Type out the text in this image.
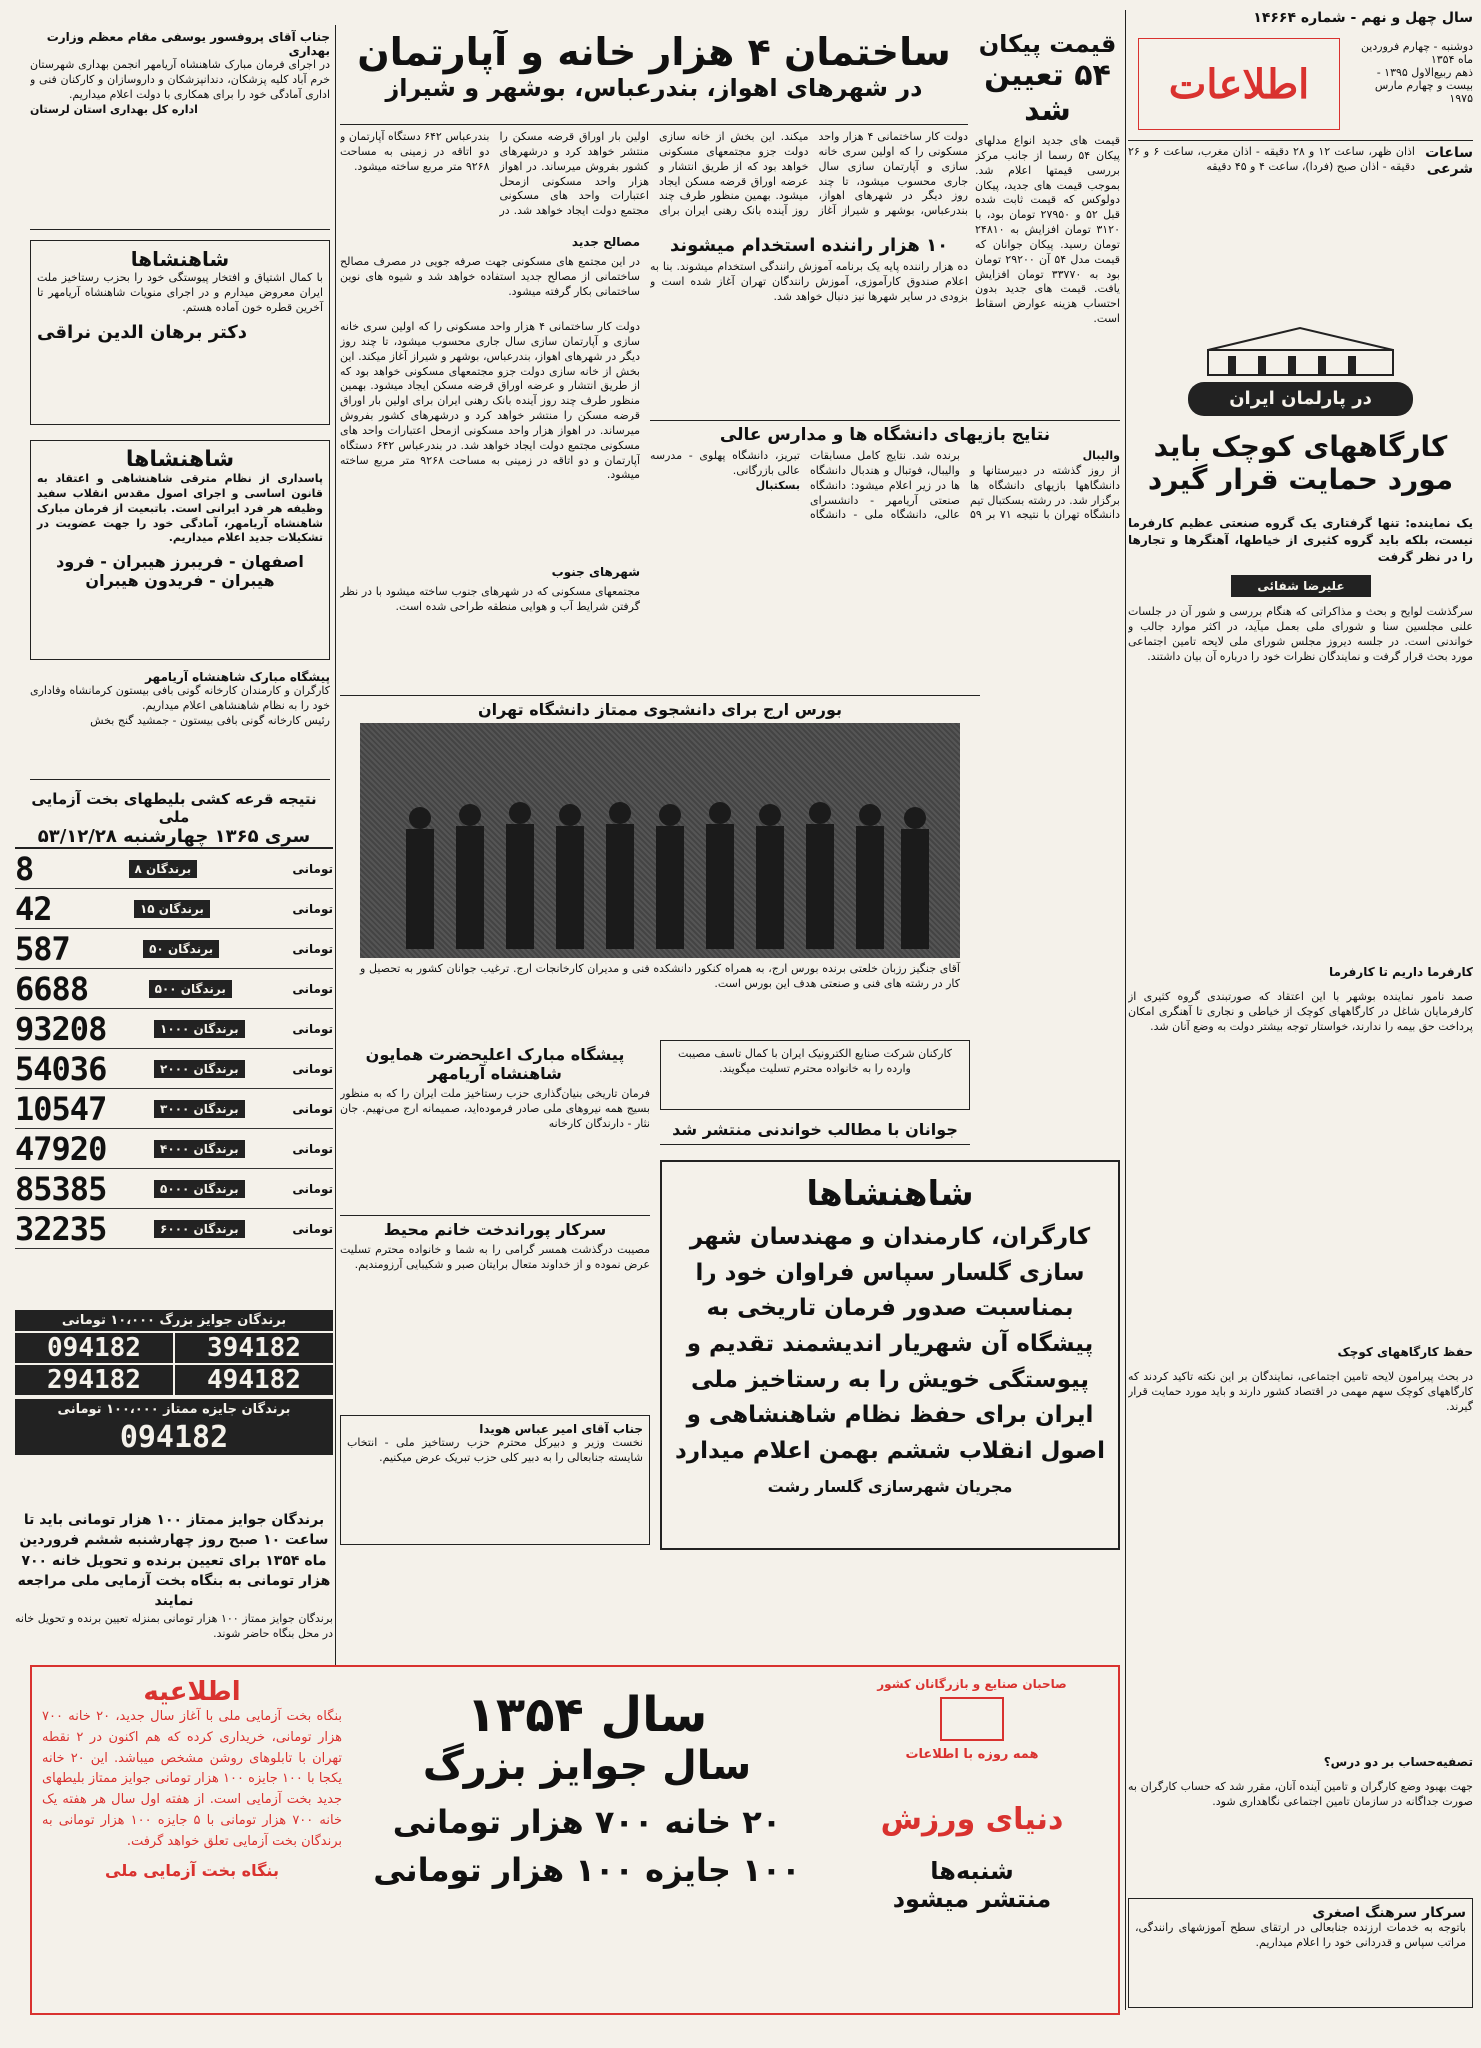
سال چهل و نهم - شماره ۱۴۶۶۴
اطلاعات
دوشنبه - چهارم فروردین ماه ۱۳۵۴
ذهم ربیع‌الاول ۱۳۹۵ - بیست و چهارم مارس ۱۹۷۵
ساعات شرعی
اذان ظهر، ساعت ۱۲ و ۲۸ دقیقه - اذان مغرب، ساعت ۶ و ۲۶ دقیقه - اذان صبح (فردا)، ساعت ۴ و ۴۵ دقیقه
در پارلمان ایران
کارگاههای کوچک باید
مورد حمایت قرار گیرد
یک نماینده: تنها گرفتاری یک گروه صنعتی عظیم کارفرما نیست، بلکه باید گروه کثیری از خیاطها، آهنگرها و تجارها را در نظر گرفت
علیرضا شفائی
سرگذشت لوایح و بحث و مذاکراتی که هنگام بررسی و شور آن در جلسات علنی مجلسین سنا و شورای ملی بعمل میآید، در اکثر موارد جالب و خواندنی است. در جلسه دیروز مجلس شورای ملی لایحه تامین اجتماعی مورد بحث قرار گرفت و نمایندگان نظرات خود را درباره آن بیان داشتند.
کارفرما داریم تا کارفرما
صمد نامور نماینده بوشهر با این اعتقاد که صورتبندی گروه کثیری از کارفرمایان شاغل در کارگاههای کوچک از خیاطی و نجاری تا آهنگری امکان پرداخت حق بیمه را ندارند، خواستار توجه بیشتر دولت به وضع آنان شد.
حفظ کارگاههای کوچک
در بحث پیرامون لایحه تامین اجتماعی، نمایندگان بر این نکته تاکید کردند که کارگاههای کوچک سهم مهمی در اقتصاد کشور دارند و باید مورد حمایت قرار گیرند.
تصفیه‌حساب بر دو درس؟
جهت بهبود وضع کارگران و تامین آینده آنان، مقرر شد که حساب کارگران به صورت جداگانه در سازمان تامین اجتماعی نگاهداری شود.
سرکار سرهنگ اصغری
باتوجه به خدمات ارزنده جنابعالی در ارتقای سطح آموزشهای رانندگی، مراتب سپاس و قدردانی خود را اعلام میداریم.
قیمت پیکان
۵۴ تعیین شد
قیمت های جدید انواع مدلهای پیکان ۵۴ رسما از جانب مرکز بررسی قیمتها اعلام شد. بموجب قیمت های جدید، پیکان دولوکس که قیمت ثابت شده قبل ۵۲ و ۲۷۹۵۰ تومان بود، با ۳۱۲۰ تومان افزایش به ۲۴۸۱۰ تومان رسید. پیکان جوانان که قیمت مدل ۵۴ آن ۲۹۲۰۰ تومان بود به ۳۳۷۷۰ تومان افزایش یافت. قیمت های جدید بدون احتساب هزینه عوارض اسقاط است.
ساختمان ۴ هزار خانه و آپارتمان
در شهرهای اهواز، بندرعباس، بوشهر و شیراز
دولت کار ساختمانی ۴ هزار واحد مسکونی را که اولین سری خانه سازی و آپارتمان سازی سال جاری محسوب میشود، تا چند روز دیگر در شهرهای اهواز، بندرعباس، بوشهر و شیراز آغاز میکند. این بخش از خانه سازی دولت جزو مجتمعهای مسکونی خواهد بود که از طریق انتشار و عرضه اوراق قرضه مسکن ایجاد میشود. بهمین منظور طرف چند روز آینده بانک رهنی ایران برای اولین بار اوراق قرضه مسکن را منتشر خواهد کرد و درشهرهای کشور بفروش میرساند. در اهواز هزار واحد مسکونی ازمحل اعتبارات واحد های مسکونی مجتمع دولت ایجاد خواهد شد. در بندرعباس ۶۴۲ دستگاه آپارتمان و دو اتاقه در زمینی به مساحت ۹۲۶۸ متر مربع ساخته میشود.
مصالح جدید
در این مجتمع های مسکونی جهت صرفه جویی در مصرف مصالح ساختمانی از مصالح جدید استفاده خواهد شد و شیوه های نوین ساختمانی بکار گرفته میشود.
شهرهای جنوب
مجتمعهای مسکونی که در شهرهای جنوب ساخته میشود با در نظر گرفتن شرایط آب و هوایی منطقه طراحی شده است.
دولت کار ساختمانی ۴ هزار واحد مسکونی را که اولین سری خانه سازی و آپارتمان سازی سال جاری محسوب میشود، تا چند روز دیگر در شهرهای اهواز، بندرعباس، بوشهر و شیراز آغاز میکند. این بخش از خانه سازی دولت جزو مجتمعهای مسکونی خواهد بود که از طریق انتشار و عرضه اوراق قرضه مسکن ایجاد میشود. بهمین منظور طرف چند روز آینده بانک رهنی ایران برای اولین بار اوراق قرضه مسکن را منتشر خواهد کرد و درشهرهای کشور بفروش میرساند. در اهواز هزار واحد مسکونی ازمحل اعتبارات واحد های مسکونی مجتمع دولت ایجاد خواهد شد. در بندرعباس ۶۴۲ دستگاه آپارتمان و دو اتاقه در زمینی به مساحت ۹۲۶۸ متر مربع ساخته میشود.
۱۰ هزار راننده استخدام میشوند
ده هزار راننده پایه یک برنامه آموزش رانندگی استخدام میشوند. بنا به اعلام صندوق کارآموزی، آموزش رانندگان تهران آغاز شده است و بزودی در سایر شهرها نیز دنبال خواهد شد.
نتایج بازیهای دانشگاه ها و مدارس عالی
والیبال
از روز گذشته در دبیرستانها و دانشگاهها بازیهای دانشگاه ها برگزار شد. در رشته بسکتبال تیم دانشگاه تهران با نتیجه ۷۱ بر ۵۹ برنده شد. نتایج کامل مسابقات والیبال، فوتبال و هندبال دانشگاه ها در زیر اعلام میشود: دانشگاه صنعتی آریامهر - دانشسرای عالی، دانشگاه ملی - دانشگاه تبریز، دانشگاه پهلوی - مدرسه عالی بازرگانی.
بسکتبال
بورس ارج برای دانشجوی ممتاز دانشگاه تهران
آقای جنگیز رزبان خلعتی برنده بورس ارج، به همراه کنکور دانشکده فنی و مدیران کارخانجات ارج. ترغیب جوانان کشور به تحصیل و کار در رشته های فنی و صنعتی هدف این بورس است.
کارکنان شرکت صنایع الکترونیک ایران با کمال تاسف مصیبت وارده را به خانواده محترم تسلیت میگویند.
جوانان با مطالب خواندنی منتشر شد
پیشگاه مبارک اعلیحضرت همایون شاهنشاه آریامهر
فرمان تاریخی بنیان‌گذاری حزب رستاخیز ملت ایران را که به منظور بسیج همه نیروهای ملی صادر فرموده‌اید، صمیمانه ارج می‌نهیم. جان نثار - دارندگان کارخانه
سرکار پوراندخت خانم محیط
مصیبت درگذشت همسر گرامی را به شما و خانواده محترم تسلیت عرض نموده و از خداوند متعال برایتان صبر و شکیبایی آرزومندیم.
جناب آقای امیر عباس هویدا
نخست وزیر و دبیرکل محترم حزب رستاخیز ملی - انتخاب شایسته جنابعالی را به دبیر کلی حزب تبریک عرض میکنیم.
شاهنشاها
کارگران، کارمندان و مهندسان شهر سازی گلسار سپاس فراوان خود را بمناسبت صدور فرمان تاریخی به پیشگاه آن شهریار اندیشمند تقدیم و پیوستگی خویش را به رستاخیز ملی ایران برای حفظ نظام شاهنشاهی و اصول انقلاب ششم بهمن اعلام میدارد
مجریان شهرسازی گلسار رشت
جناب آقای پروفسور یوسفی مقام معظم وزارت بهداری
در اجرای فرمان مبارک شاهنشاه آریامهر انجمن بهداری شهرستان خرم آباد کلیه پزشکان، دندانپزشکان و داروسازان و کارکنان فنی و اداری آمادگی خود را برای همکاری با دولت اعلام میداریم.
اداره کل بهداری استان لرستان
شاهنشاها
با کمال اشتیاق و افتخار پیوستگی خود را بحزب رستاخیز ملت ایران معروض میدارم و در اجرای منویات شاهنشاه آریامهر تا آخرین قطره خون آماده هستم.
دکتر برهان الدین نراقی
شاهنشاها
پاسداری از نظام مترقی شاهنشاهی و اعتقاد به قانون اساسی و اجرای اصول مقدس انقلاب سفید وظیفه هر فرد ایرانی است. باتبعیت از فرمان مبارک شاهنشاه آریامهر، آمادگی خود را جهت عضویت در تشکیلات جدید اعلام میداریم.
اصفهان - فریبرز هیبران - فرود هیبران - فریدون هیبران
پیشگاه مبارک شاهنشاه آریامهر
کارگران و کارمندان کارخانه گونی بافی بیستون کرمانشاه وفاداری خود را به نظام شاهنشاهی اعلام میداریم.
رئیس کارخانه گونی بافی بیستون - جمشید گنج بخش
نتیجه قرعه کشی بلیطهای بخت آزمایی ملی
سری ۱۳۶۵ چهارشنبه ۵۳/۱۲/۲۸
تومانی
برندگان ۸
8
تومانی
برندگان ۱۵
42
تومانی
برندگان ۵۰
587
تومانی
برندگان ۵۰۰
6688
تومانی
برندگان ۱۰۰۰
93208
تومانی
برندگان ۲۰۰۰
54036
تومانی
برندگان ۳۰۰۰
10547
تومانی
برندگان ۴۰۰۰
47920
تومانی
برندگان ۵۰۰۰
85385
تومانی
برندگان ۶۰۰۰
32235
برندگان جوایز بزرگ ۱۰،۰۰۰ تومانی
394182
094182
494182
294182
برندگان جایزه ممتاز ۱۰۰،۰۰۰ تومانی
094182
برندگان جوایز ممتاز ۱۰۰ هزار تومانی باید تا ساعت ۱۰ صبح روز چهارشنبه ششم فروردین ماه ۱۳۵۴ برای تعیین برنده و تحویل خانه ۷۰۰ هزار تومانی به بنگاه بخت آزمایی ملی مراجعه نمایند
برندگان جوایز ممتاز ۱۰۰ هزار تومانی بمنزله تعیین برنده و تحویل خانه در محل بنگاه حاضر شوند.
اطلاعیه
بنگاه بخت آزمایی ملی با آغاز سال جدید، ۲۰ خانه ۷۰۰ هزار تومانی، خریداری کرده که هم اکنون در ۲ نقطه تهران با تابلوهای روشن مشخص میباشد. این ۲۰ خانه یکجا با ۱۰۰ جایزه ۱۰۰ هزار تومانی جوایز ممتاز بلیطهای جدید بخت آزمایی است. از هفته اول سال هر هفته یک خانه ۷۰۰ هزار تومانی با ۵ جایزه ۱۰۰ هزار تومانی به برندگان بخت آزمایی تعلق خواهد گرفت.
بنگاه بخت آزمایی ملی
سال ۱۳۵۴
سال جوایز بزرگ
۲۰ خانه ۷۰۰ هزار تومانی
۱۰۰ جایزه ۱۰۰ هزار تومانی
صاحبان صنایع و بازرگانان کشور
همه روزه با اطلاعات
دنیای ورزش
شنبه‌ها
منتشر میشود
